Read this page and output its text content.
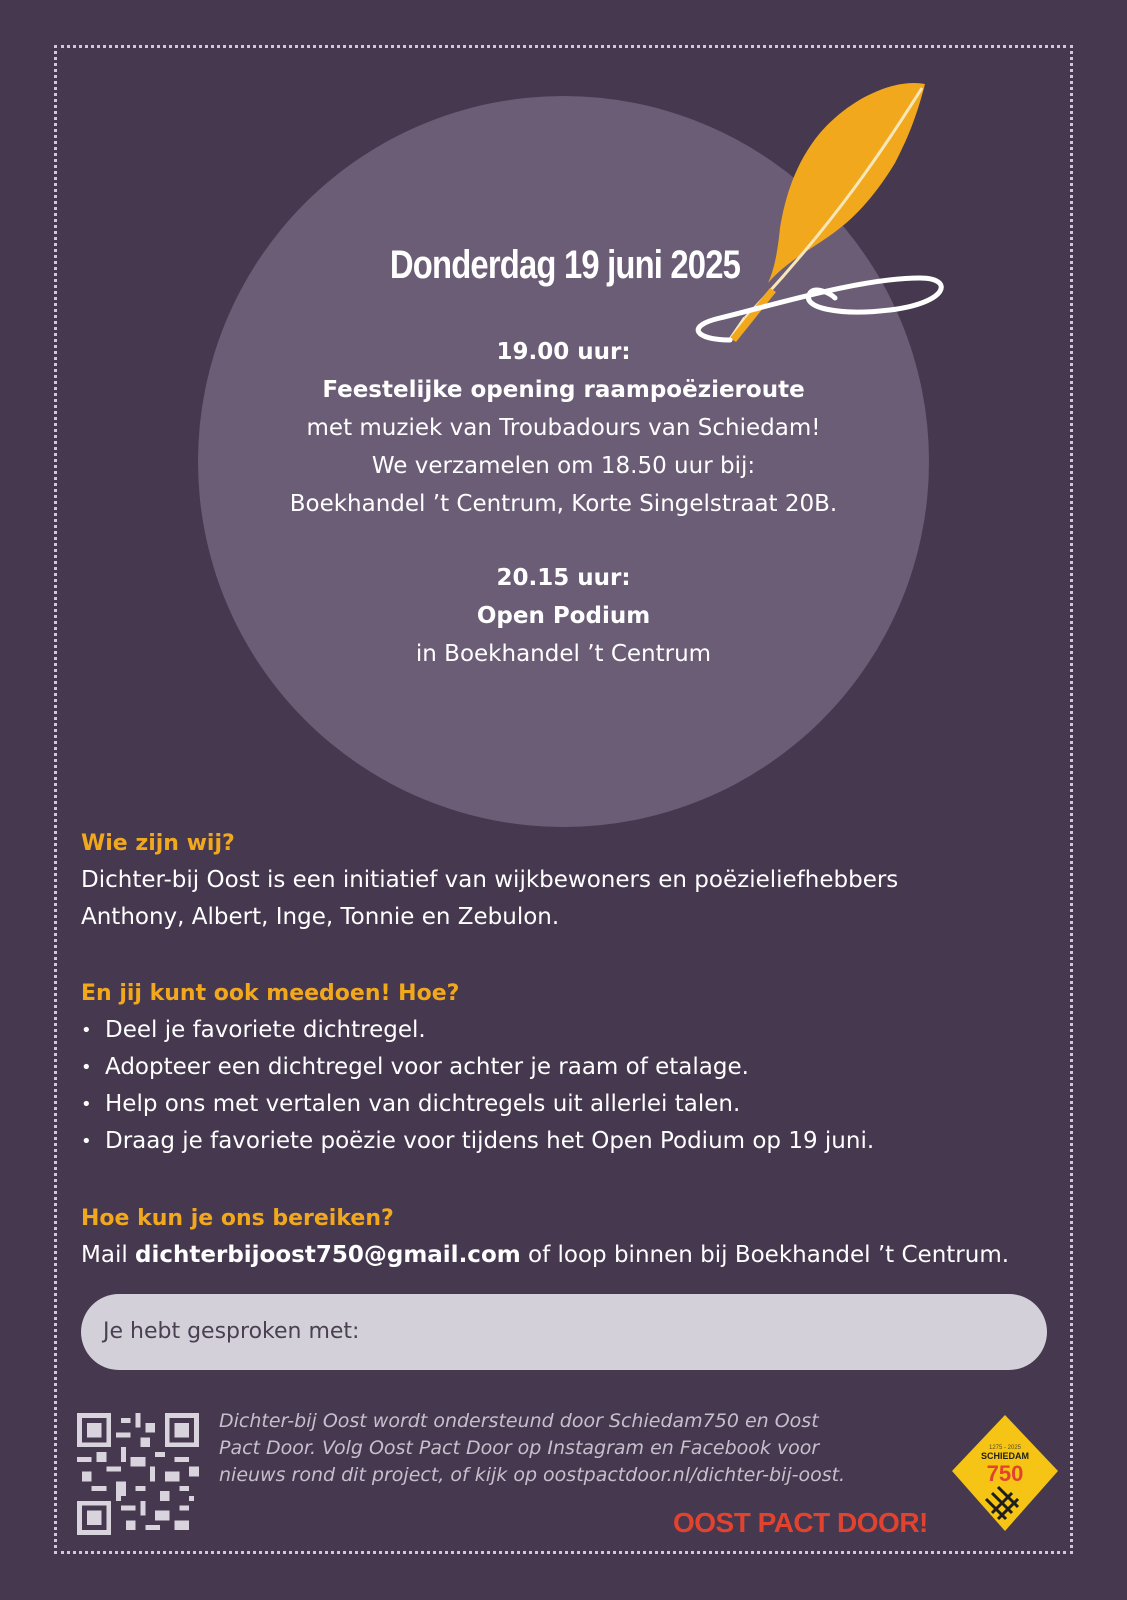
Donderdag 19 juni 2025
19.00 uur:
Feestelijke opening raampoëzieroute
met muziek van Troubadours van Schiedam!
We verzamelen om 18.50 uur bij:
Boekhandel ’t Centrum, Korte Singelstraat 20B.
20.15 uur:
Open Podium
in Boekhandel ’t Centrum
Wie zijn wij?
Dichter-bij Oost is een initiatief van wijkbewoners en poëzieliefhebbers
Anthony, Albert, Inge, Tonnie en Zebulon.
En jij kunt ook meedoen! Hoe?
• Deel je favoriete dichtregel.
• Adopteer een dichtregel voor achter je raam of etalage.
• Help ons met vertalen van dichtregels uit allerlei talen.
• Draag je favoriete poëzie voor tijdens het Open Podium op 19 juni.
Hoe kun je ons bereiken?
Mail dichterbijoost750@gmail.com of loop binnen bij Boekhandel ’t Centrum.
Je hebt gesproken met:
Dichter-bij Oost wordt ondersteund door Schiedam750 en Oost
Pact Door. Volg Oost Pact Door op Instagram en Facebook voor
nieuws rond dit project, of kijk op oostpactdoor.nl/dichter-bij-oost.
OOST PACT DOOR!
1275 - 2025
SCHIEDAM
750
